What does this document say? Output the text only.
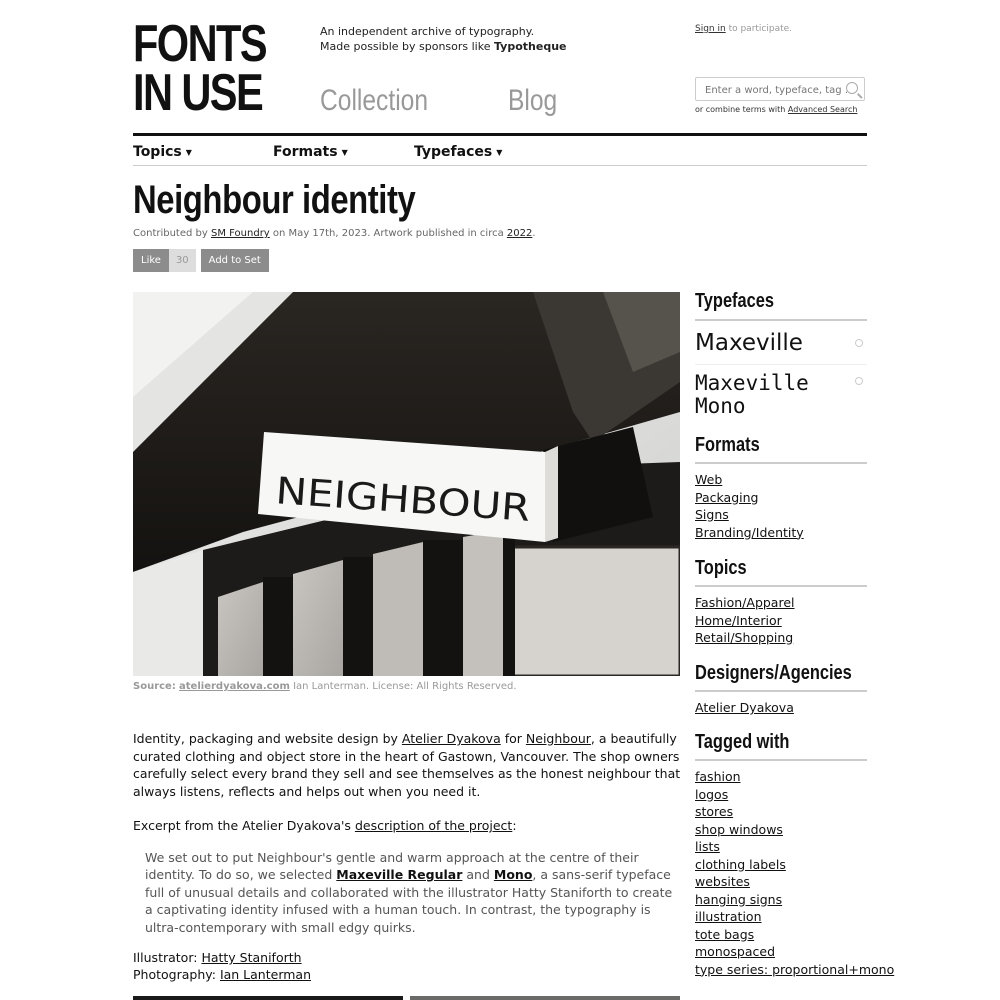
FONTS
IN USE
An independent archive of typography.
Made possible by sponsors like Typotheque
Collection	Blog
Sign in to participate.
Enter a word, typeface, tag ...
or combine terms with Advanced Search
Topics ▼	Formats ▼	Typefaces ▼
Neighbour identity
Contributed by SM Foundry on May 17th, 2023. Artwork published in circa 2022.
Like	30	Add to Set
NEIGHBOUR
Source: atelierdyakova.com Ian Lanterman. License: All Rights Reserved.

Identity, packaging and website design by Atelier Dyakova for Neighbour, a beautifully curated clothing and object store in the heart of Gastown, Vancouver. The shop owners carefully select every brand they sell and see themselves as the honest neighbour that always listens, reflects and helps out when you need it.

Excerpt from the Atelier Dyakova's description of the project:

We set out to put Neighbour's gentle and warm approach at the centre of their identity. To do so, we selected Maxeville Regular and Mono, a sans-serif typeface full of unusual details and collaborated with the illustrator Hatty Staniforth to create a captivating identity infused with a human touch. In contrast, the typography is ultra-contemporary with small edgy quirks.

Illustrator: Hatty Staniforth
Photography: Ian Lanterman

Typefaces
Maxeville
Maxeville Mono
Formats
Web
Packaging
Signs
Branding/Identity
Topics
Fashion/Apparel
Home/Interior
Retail/Shopping
Designers/Agencies
Atelier Dyakova
Tagged with
fashion
logos
stores
shop windows
lists
clothing labels
websites
hanging signs
illustration
tote bags
monospaced
type series: proportional+mono
